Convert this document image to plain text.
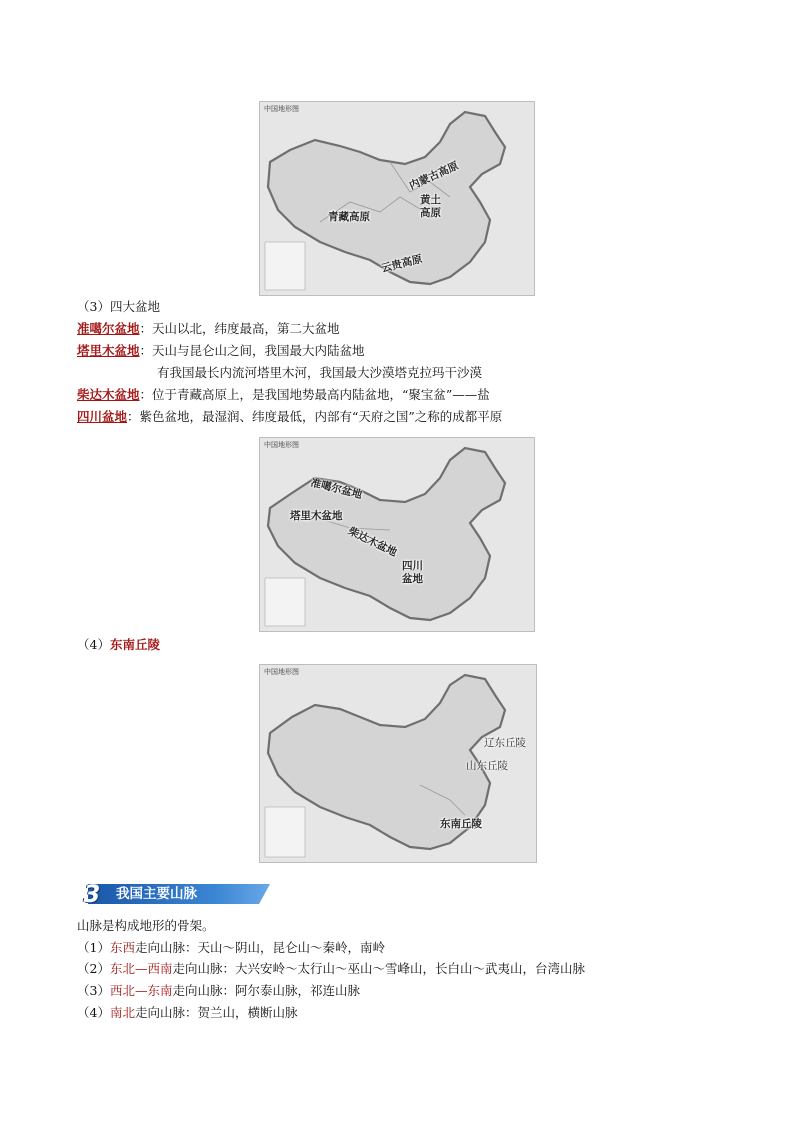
中国地形图
内蒙古高原
黄土
高原
青藏高原
云贵高原
（3）四大盆地
准噶尔盆地：天山以北，纬度最高，第二大盆地
塔里木盆地：天山与昆仑山之间，我国最大内陆盆地
有我国最长内流河塔里木河，我国最大沙漠塔克拉玛干沙漠
柴达木盆地：位于青藏高原上，是我国地势最高内陆盆地，“聚宝盆”——盐
四川盆地：紫色盆地，最湿润、纬度最低，内部有“天府之国”之称的成都平原
中国地形图
准噶尔盆地
塔里木盆地
柴达木盆地
四川
盆地
（4）东南丘陵
中国地形图
辽东丘陵
山东丘陵
东南丘陵
3	我国主要山脉
山脉是构成地形的骨架。
（1）东西走向山脉：天山～阴山，昆仑山～秦岭，南岭
（2）东北—西南走向山脉：大兴安岭～太行山～巫山～雪峰山，长白山～武夷山，台湾山脉
（3）西北—东南走向山脉：阿尔泰山脉，祁连山脉
（4）南北走向山脉：贺兰山，横断山脉
